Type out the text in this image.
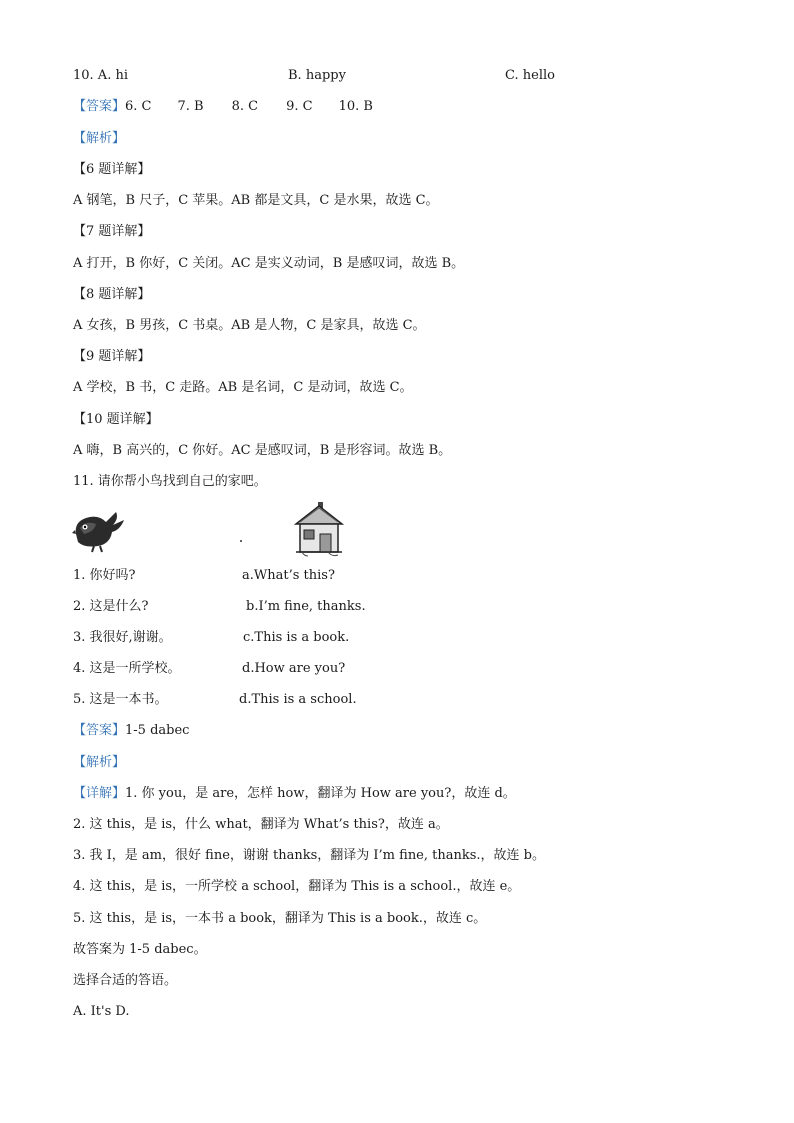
10. A. hi	B. happy	C. hello
【答案】6. C 7. B 8. C 9. C 10. B
【解析】
【6 题详解】
A 钢笔，B 尺子，C 苹果。AB 都是文具，C 是水果，故选 C。
【7 题详解】
A 打开，B 你好，C 关闭。AC 是实义动词，B 是感叹词，故选 B。
【8 题详解】
A 女孩，B 男孩，C 书桌。AB 是人物，C 是家具，故选 C。
【9 题详解】
A 学校，B 书，C 走路。AB 是名词，C 是动词，故选 C。
【10 题详解】
A 嗨，B 高兴的，C 你好。AC 是感叹词，B 是形容词。故选 B。
11. 请你帮小鸟找到自己的家吧。
1. 你好吗?	a.What’s this?
2. 这是什么?	b.I’m fine, thanks.
3. 我很好,谢谢。	c.This is a book.
4. 这是一所学校。	d.How are you?
5. 这是一本书。	d.This is a school.
【答案】1-5 dabec
【解析】
【详解】1. 你 you，是 are，怎样 how，翻译为 How are you?，故连 d。
2. 这 this，是 is，什么 what，翻译为 What’s this?，故连 a。
3. 我 I，是 am，很好 fine，谢谢 thanks，翻译为 I’m fine, thanks.，故连 b。
4. 这 this，是 is，一所学校 a school，翻译为 This is a school.，故连 e。
5. 这 this，是 is，一本书 a book，翻译为 This is a book.，故连 c。
故答案为 1-5 dabec。
选择合适的答语。
A. It's D.
